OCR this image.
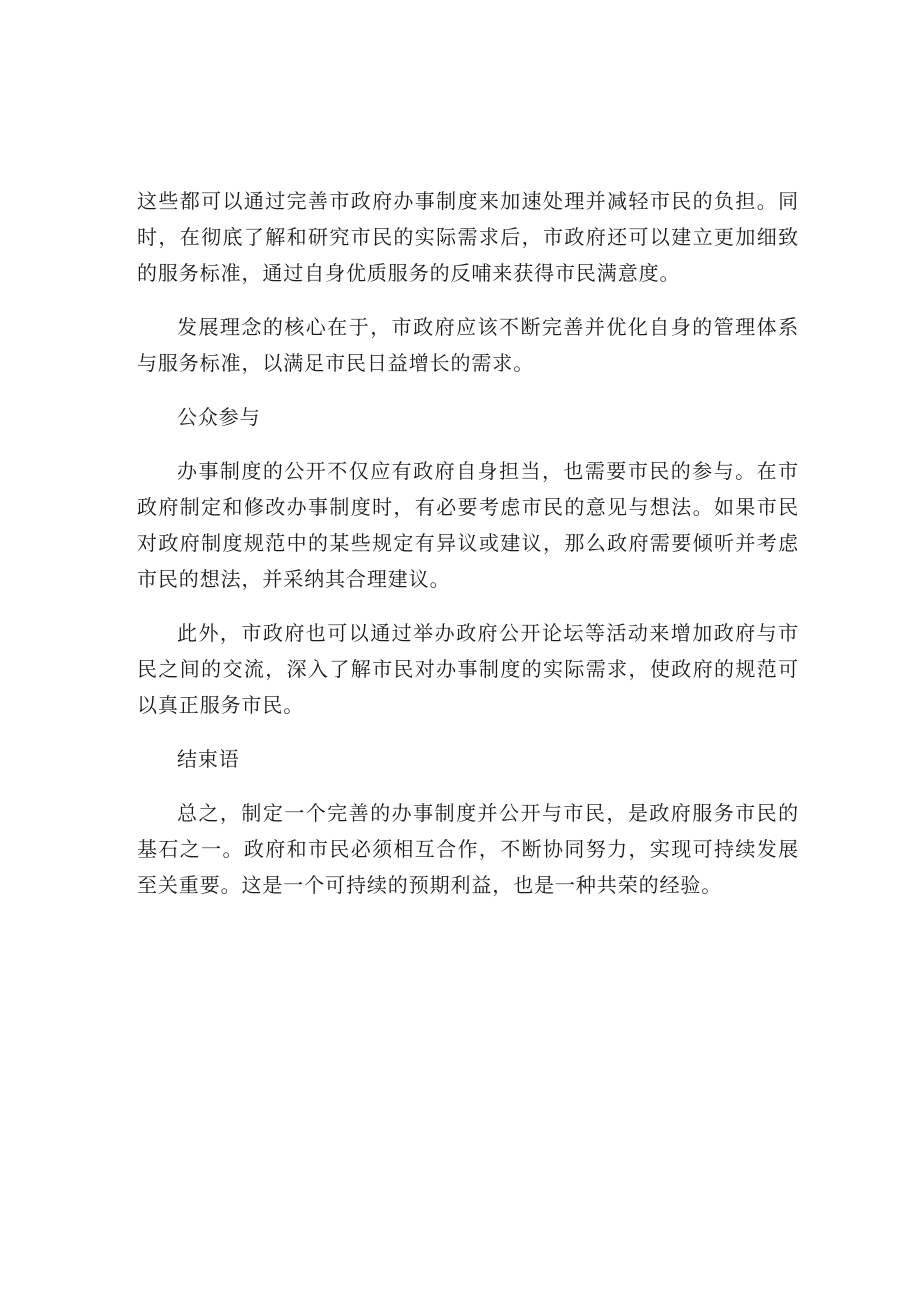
这些都可以通过完善市政府办事制度来加速处理并减轻市民的负担。同时，在彻底了解和研究市民的实际需求后，市政府还可以建立更加细致的服务标准，通过自身优质服务的反哺来获得市民满意度。

发展理念的核心在于，市政府应该不断完善并优化自身的管理体系与服务标准，以满足市民日益增长的需求。

公众参与

办事制度的公开不仅应有政府自身担当，也需要市民的参与。在市政府制定和修改办事制度时，有必要考虑市民的意见与想法。如果市民对政府制度规范中的某些规定有异议或建议，那么政府需要倾听并考虑市民的想法，并采纳其合理建议。

此外，市政府也可以通过举办政府公开论坛等活动来增加政府与市民之间的交流，深入了解市民对办事制度的实际需求，使政府的规范可以真正服务市民。

结束语

总之，制定一个完善的办事制度并公开与市民，是政府服务市民的基石之一。政府和市民必须相互合作，不断协同努力，实现可持续发展至关重要。这是一个可持续的预期利益，也是一种共荣的经验。
